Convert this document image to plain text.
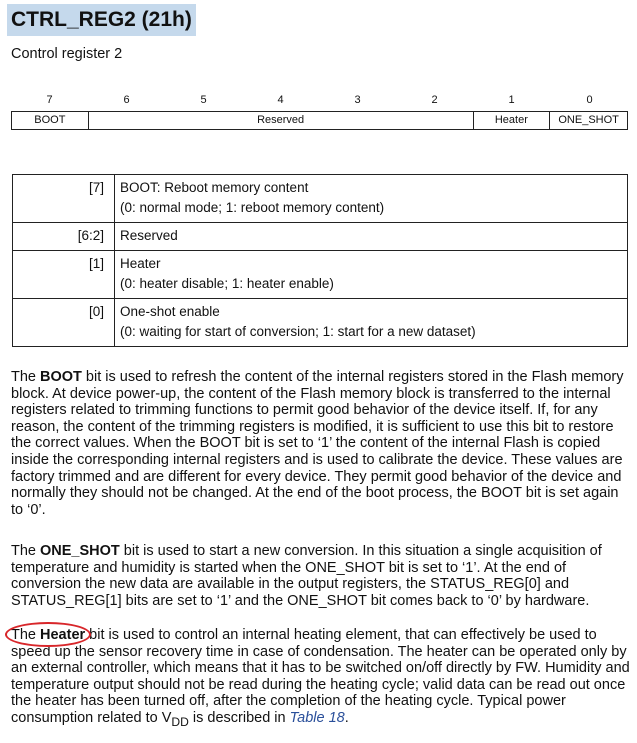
CTRL_REG2 (21h)
Control register 2
7	6	5	4	3	2	1	0
BOOT	Reserved	Heater	ONE_SHOT
[7]	BOOT: Reboot memory content
(0: normal mode; 1: reboot memory content)

[6:2]	Reserved

[1]	Heater
(0: heater disable; 1: heater enable)

[0]	One-shot enable
(0: waiting for start of conversion; 1: start for a new dataset)
The BOOT bit is used to refresh the content of the internal registers stored in the Flash memory block. At device power-up, the content of the Flash memory block is transferred to the internal registers related to trimming functions to permit good behavior of the device itself. If, for any reason, the content of the trimming registers is modified, it is sufficient to use this bit to restore the correct values. When the BOOT bit is set to ‘1’ the content of the internal Flash is copied inside the corresponding internal registers and is used to calibrate the device. These values are factory trimmed and are different for every device. They permit good behavior of the device and normally they should not be changed. At the end of the boot process, the BOOT bit is set again to ‘0’.
The ONE_SHOT bit is used to start a new conversion. In this situation a single acquisition of temperature and humidity is started when the ONE_SHOT bit is set to ‘1’. At the end of conversion the new data are available in the output registers, the STATUS_REG[0] and STATUS_REG[1] bits are set to ‘1’ and the ONE_SHOT bit comes back to ‘0’ by hardware.
The Heater bit is used to control an internal heating element, that can effectively be used to speed up the sensor recovery time in case of condensation. The heater can be operated only by an external controller, which means that it has to be switched on/off directly by FW. Humidity and temperature output should not be read during the heating cycle; valid data can be read out once the heater has been turned off, after the completion of the heating cycle. Typical power consumption related to $V_{DD}$ is described in Table 18.
